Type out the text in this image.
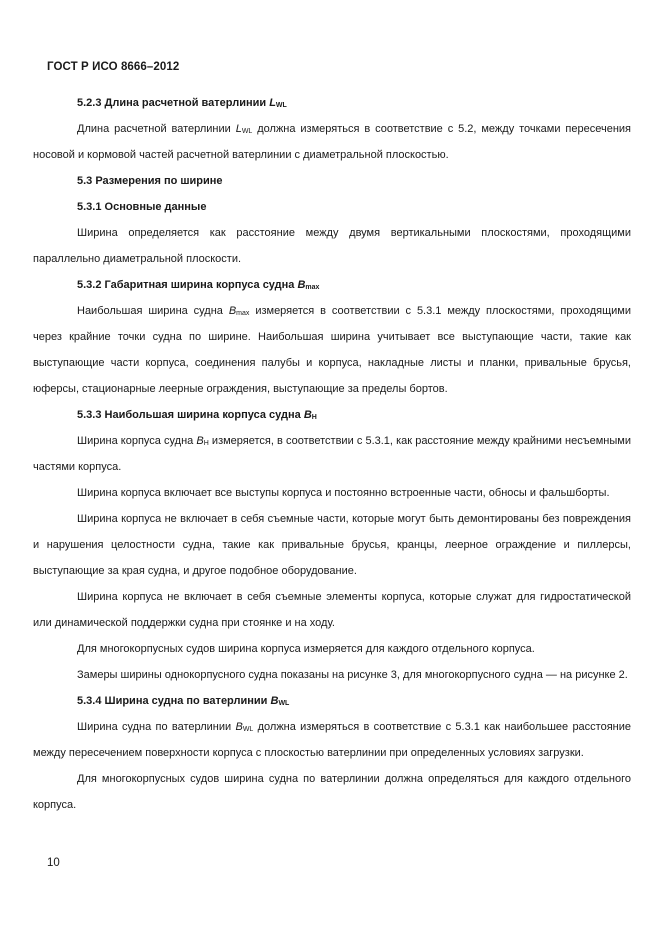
ГОСТ Р ИСО 8666–2012
5.2.3 Длина расчетной ватерлинии $L_{WL}$
Длина расчетной ватерлинии $L_{WL}$ должна измеряться в соответствие с 5.2, между точками пересечения носовой и кормовой частей расчетной ватерлинии с диаметральной плоскостью.
5.3 Размерения по ширине
5.3.1 Основные данные
Ширина определяется как расстояние между двумя вертикальными плоскостями, проходящими параллельно диаметральной плоскости.
5.3.2 Габаритная ширина корпуса судна $B_{max}$
Наибольшая ширина судна $B_{max}$ измеряется в соответствии с 5.3.1 между плоскостями, проходящими через крайние точки судна по ширине. Наибольшая ширина учитывает все выступающие части, такие как выступающие части корпуса, соединения палубы и корпуса, накладные листы и планки, привальные брусья, юферсы, стационарные леерные ограждения, выступающие за пределы бортов.
5.3.3 Наибольшая ширина корпуса судна $B_H$
Ширина корпуса судна $B_H$ измеряется, в соответствии с 5.3.1, как расстояние между крайними несъемными частями корпуса.
Ширина корпуса включает все выступы корпуса и постоянно встроенные части, обносы и фальшборты.
Ширина корпуса не включает в себя съемные части, которые могут быть демонтированы без повреждения и нарушения целостности судна, такие как привальные брусья, кранцы, леерное ограждение и пиллерсы, выступающие за края судна, и другое подобное оборудование.
Ширина корпуса не включает в себя съемные элементы корпуса, которые служат для гидростатической или динамической поддержки судна при стоянке и на ходу.
Для многокорпусных судов ширина корпуса измеряется для каждого отдельного корпуса.
Замеры ширины однокорпусного судна показаны на рисунке 3, для многокорпусного судна — на рисунке 2.
5.3.4 Ширина судна по ватерлинии $B_{WL}$
Ширина судна по ватерлинии $B_{WL}$ должна измеряться в соответствие с 5.3.1 как наибольшее расстояние между пересечением поверхности корпуса с плоскостью ватерлинии при определенных условиях загрузки.
Для многокорпусных судов ширина судна по ватерлинии должна определяться для каждого отдельного корпуса.
10
